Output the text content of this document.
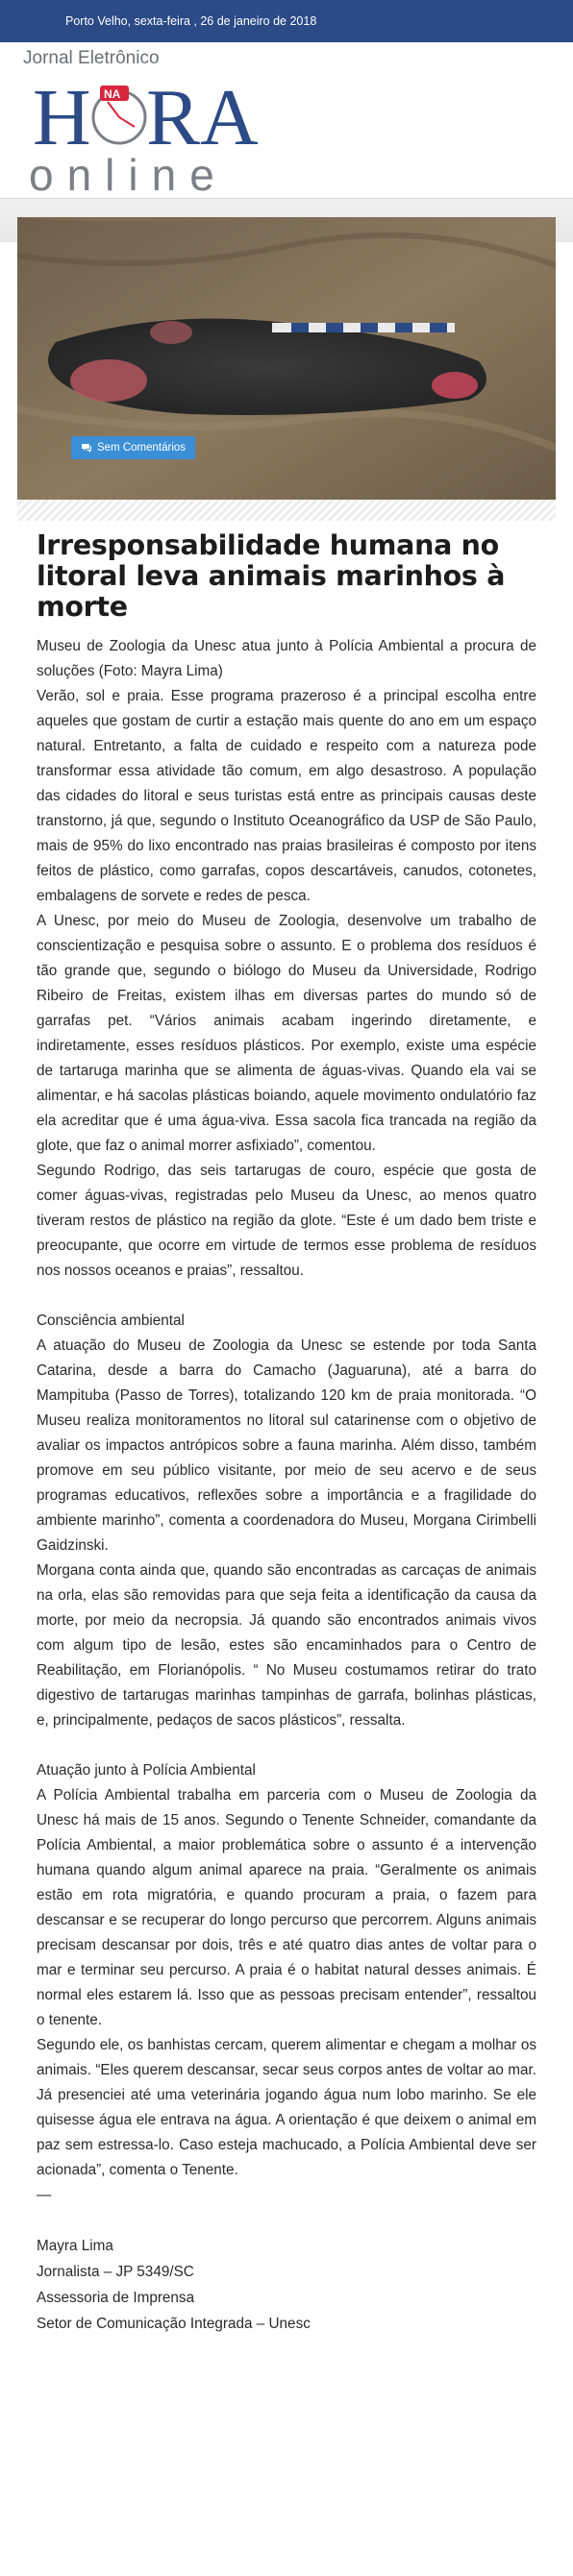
Porto Velho, sexta-feira , 26 de janeiro de 2018
Jornal Eletrônico
H NA RA
online
Sem Comentários
Irresponsabilidade humana no litoral leva animais marinhos à morte

Museu de Zoologia da Unesc atua junto à Polícia Ambiental a procura de soluções (Foto: Mayra Lima)

Verão, sol e praia. Esse programa prazeroso é a principal escolha entre aqueles que gostam de curtir a estação mais quente do ano em um espaço natural. Entretanto, a falta de cuidado e respeito com a natureza pode transformar essa atividade tão comum, em algo desastroso. A população das cidades do litoral e seus turistas está entre as principais causas deste transtorno, já que, segundo o Instituto Oceanográfico da USP de São Paulo, mais de 95% do lixo encontrado nas praias brasileiras é composto por itens feitos de plástico, como garrafas, copos descartáveis, canudos, cotonetes, embalagens de sorvete e redes de pesca.

A Unesc, por meio do Museu de Zoologia, desenvolve um trabalho de conscientização e pesquisa sobre o assunto. E o problema dos resíduos é tão grande que, segundo o biólogo do Museu da Universidade, Rodrigo Ribeiro de Freitas, existem ilhas em diversas partes do mundo só de garrafas pet. “Vários animais acabam ingerindo diretamente, e indiretamente, esses resíduos plásticos. Por exemplo, existe uma espécie de tartaruga marinha que se alimenta de águas-vivas. Quando ela vai se alimentar, e há sacolas plásticas boiando, aquele movimento ondulatório faz ela acreditar que é uma água-viva. Essa sacola fica trancada na região da glote, que faz o animal morrer asfixiado”, comentou.

Segundo Rodrigo, das seis tartarugas de couro, espécie que gosta de comer águas-vivas, registradas pelo Museu da Unesc, ao menos quatro tiveram restos de plástico na região da glote. “Este é um dado bem triste e preocupante, que ocorre em virtude de termos esse problema de resíduos nos nossos oceanos e praias”, ressaltou.

Consciência ambiental

A atuação do Museu de Zoologia da Unesc se estende por toda Santa Catarina, desde a barra do Camacho (Jaguaruna), até a barra do Mampituba (Passo de Torres), totalizando 120 km de praia monitorada. “O Museu realiza monitoramentos no litoral sul catarinense com o objetivo de avaliar os impactos antrópicos sobre a fauna marinha. Além disso, também promove em seu público visitante, por meio de seu acervo e de seus programas educativos, reflexões sobre a importância e a fragilidade do ambiente marinho”, comenta a coordenadora do Museu, Morgana Cirimbelli Gaidzinski.

Morgana conta ainda que, quando são encontradas as carcaças de animais na orla, elas são removidas para que seja feita a identificação da causa da morte, por meio da necropsia. Já quando são encontrados animais vivos com algum tipo de lesão, estes são encaminhados para o Centro de Reabilitação, em Florianópolis. “ No Museu costumamos retirar do trato digestivo de tartarugas marinhas tampinhas de garrafa, bolinhas plásticas, e, principalmente, pedaços de sacos plásticos”, ressalta.

Atuação junto à Polícia Ambiental

A Polícia Ambiental trabalha em parceria com o Museu de Zoologia da Unesc há mais de 15 anos. Segundo o Tenente Schneider, comandante da Polícia Ambiental, a maior problemática sobre o assunto é a intervenção humana quando algum animal aparece na praia. “Geralmente os animais estão em rota migratória, e quando procuram a praia, o fazem para descansar e se recuperar do longo percurso que percorrem. Alguns animais precisam descansar por dois, três e até quatro dias antes de voltar para o mar e terminar seu percurso. A praia é o habitat natural desses animais. É normal eles estarem lá. Isso que as pessoas precisam entender”, ressaltou o tenente.

Segundo ele, os banhistas cercam, querem alimentar e chegam a molhar os animais. “Eles querem descansar, secar seus corpos antes de voltar ao mar. Já presenciei até uma veterinária jogando água num lobo marinho. Se ele quisesse água ele entrava na água. A orientação é que deixem o animal em paz sem estressa-lo. Caso esteja machucado, a Polícia Ambiental deve ser acionada”, comenta o Tenente.

—

Mayra Lima

Jornalista – JP 5349/SC

Assessoria de Imprensa

Setor de Comunicação Integrada – Unesc
